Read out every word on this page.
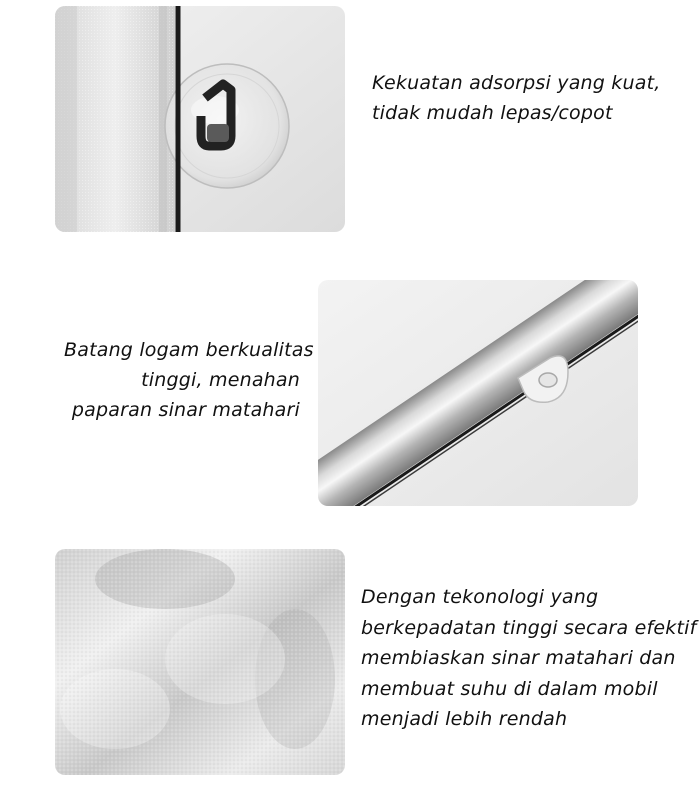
Kekuatan adsorpsi yang kuat,
tidak mudah lepas/copot
Batang logam berkualitas
tinggi, menahan
paparan sinar matahari
Dengan tekonologi yang
berkepadatan tinggi secara efektif
membiaskan sinar matahari dan
membuat suhu di dalam mobil
menjadi lebih rendah
